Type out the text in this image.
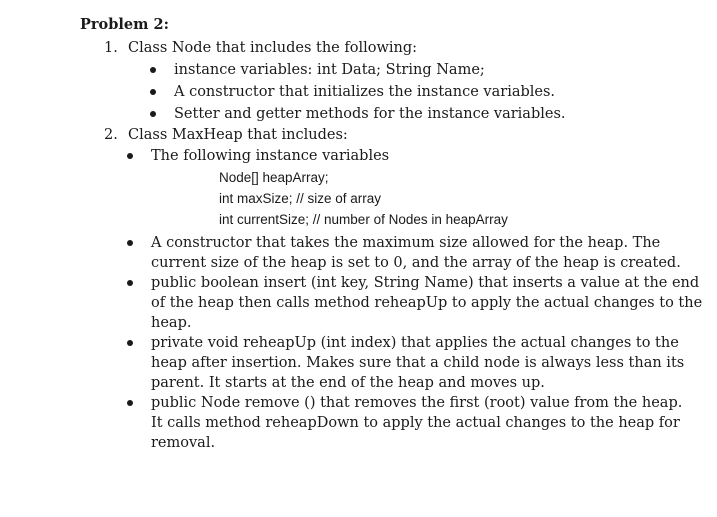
Problem 2:
1. Class Node that includes the following:
instance variables: int Data; String Name;
A constructor that initializes the instance variables.
Setter and getter methods for the instance variables.
2. Class MaxHeap that includes:
The following instance variables
Node[] heapArray;
int maxSize; // size of array
int currentSize; // number of Nodes in heapArray
A constructor that takes the maximum size allowed for the heap. The
current size of the heap is set to 0, and the array of the heap is created.
public boolean insert (int key, String Name) that inserts a value at the end
of the heap then calls method reheapUp to apply the actual changes to the
heap.
private void reheapUp (int index) that applies the actual changes to the
heap after insertion. Makes sure that a child node is always less than its
parent. It starts at the end of the heap and moves up.
public Node remove () that removes the first (root) value from the heap.
It calls method reheapDown to apply the actual changes to the heap for
removal.
